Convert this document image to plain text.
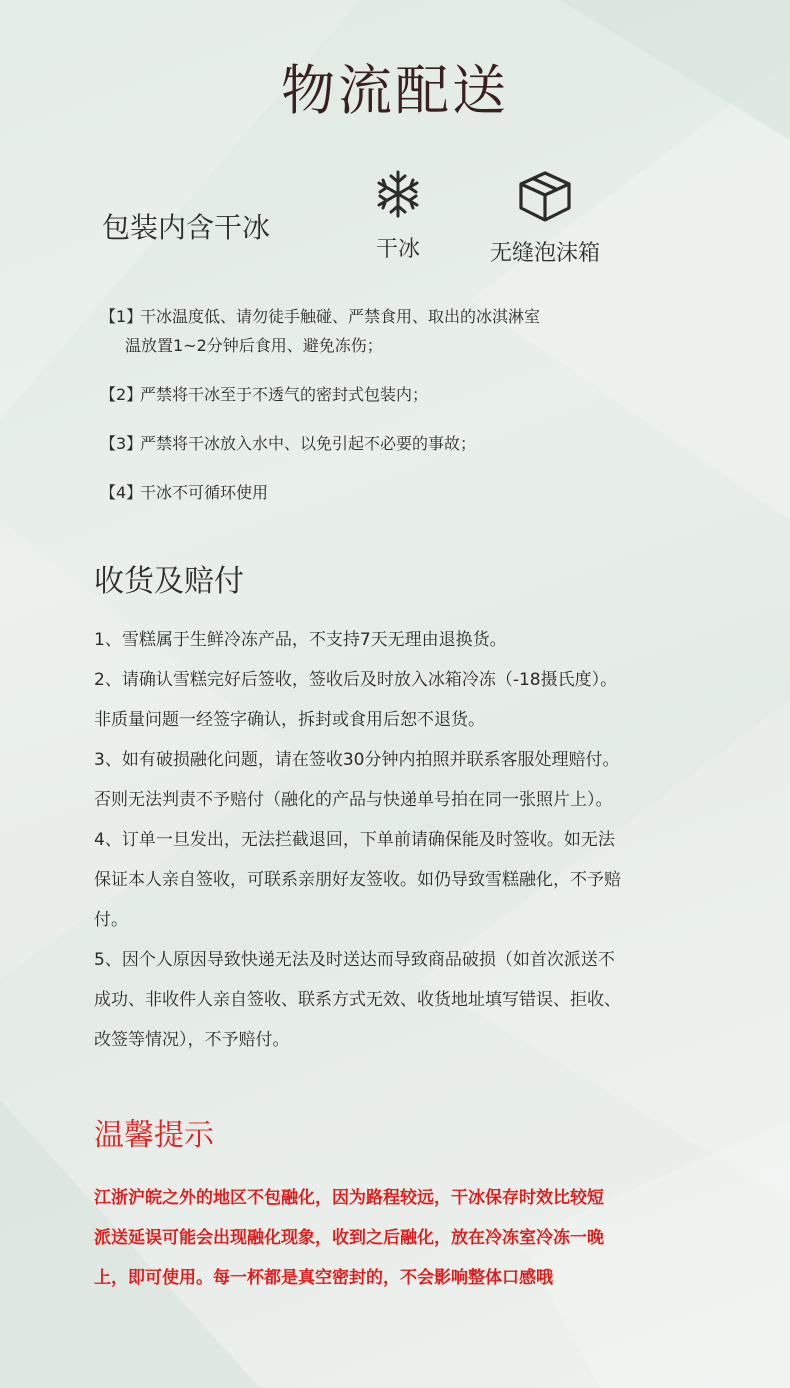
物流配送
包装内含干冰
干冰	无缝泡沫箱
【1】干冰温度低、请勿徒手触碰、严禁食用、取出的冰淇淋室
温放置1~2分钟后食用、避免冻伤；
【2】严禁将干冰至于不透气的密封式包装内；
【3】严禁将干冰放入水中、以免引起不必要的事故；
【4】干冰不可循环使用
收货及赔付
1、雪糕属于生鲜冷冻产品，不支持7天无理由退换货。
2、请确认雪糕完好后签收，签收后及时放入冰箱冷冻（-18摄氏度）。
非质量问题一经签字确认，拆封或食用后恕不退货。
3、如有破损融化问题，请在签收30分钟内拍照并联系客服处理赔付。
否则无法判责不予赔付（融化的产品与快递单号拍在同一张照片上）。
4、订单一旦发出，无法拦截退回，下单前请确保能及时签收。如无法
保证本人亲自签收，可联系亲朋好友签收。如仍导致雪糕融化，不予赔
付。
5、因个人原因导致快递无法及时送达而导致商品破损（如首次派送不
成功、非收件人亲自签收、联系方式无效、收货地址填写错误、拒收、
改签等情况），不予赔付。
温馨提示
江浙沪皖之外的地区不包融化，因为路程较远，干冰保存时效比较短
派送延误可能会出现融化现象，收到之后融化，放在冷冻室冷冻一晚
上，即可使用。每一杯都是真空密封的，不会影响整体口感哦
